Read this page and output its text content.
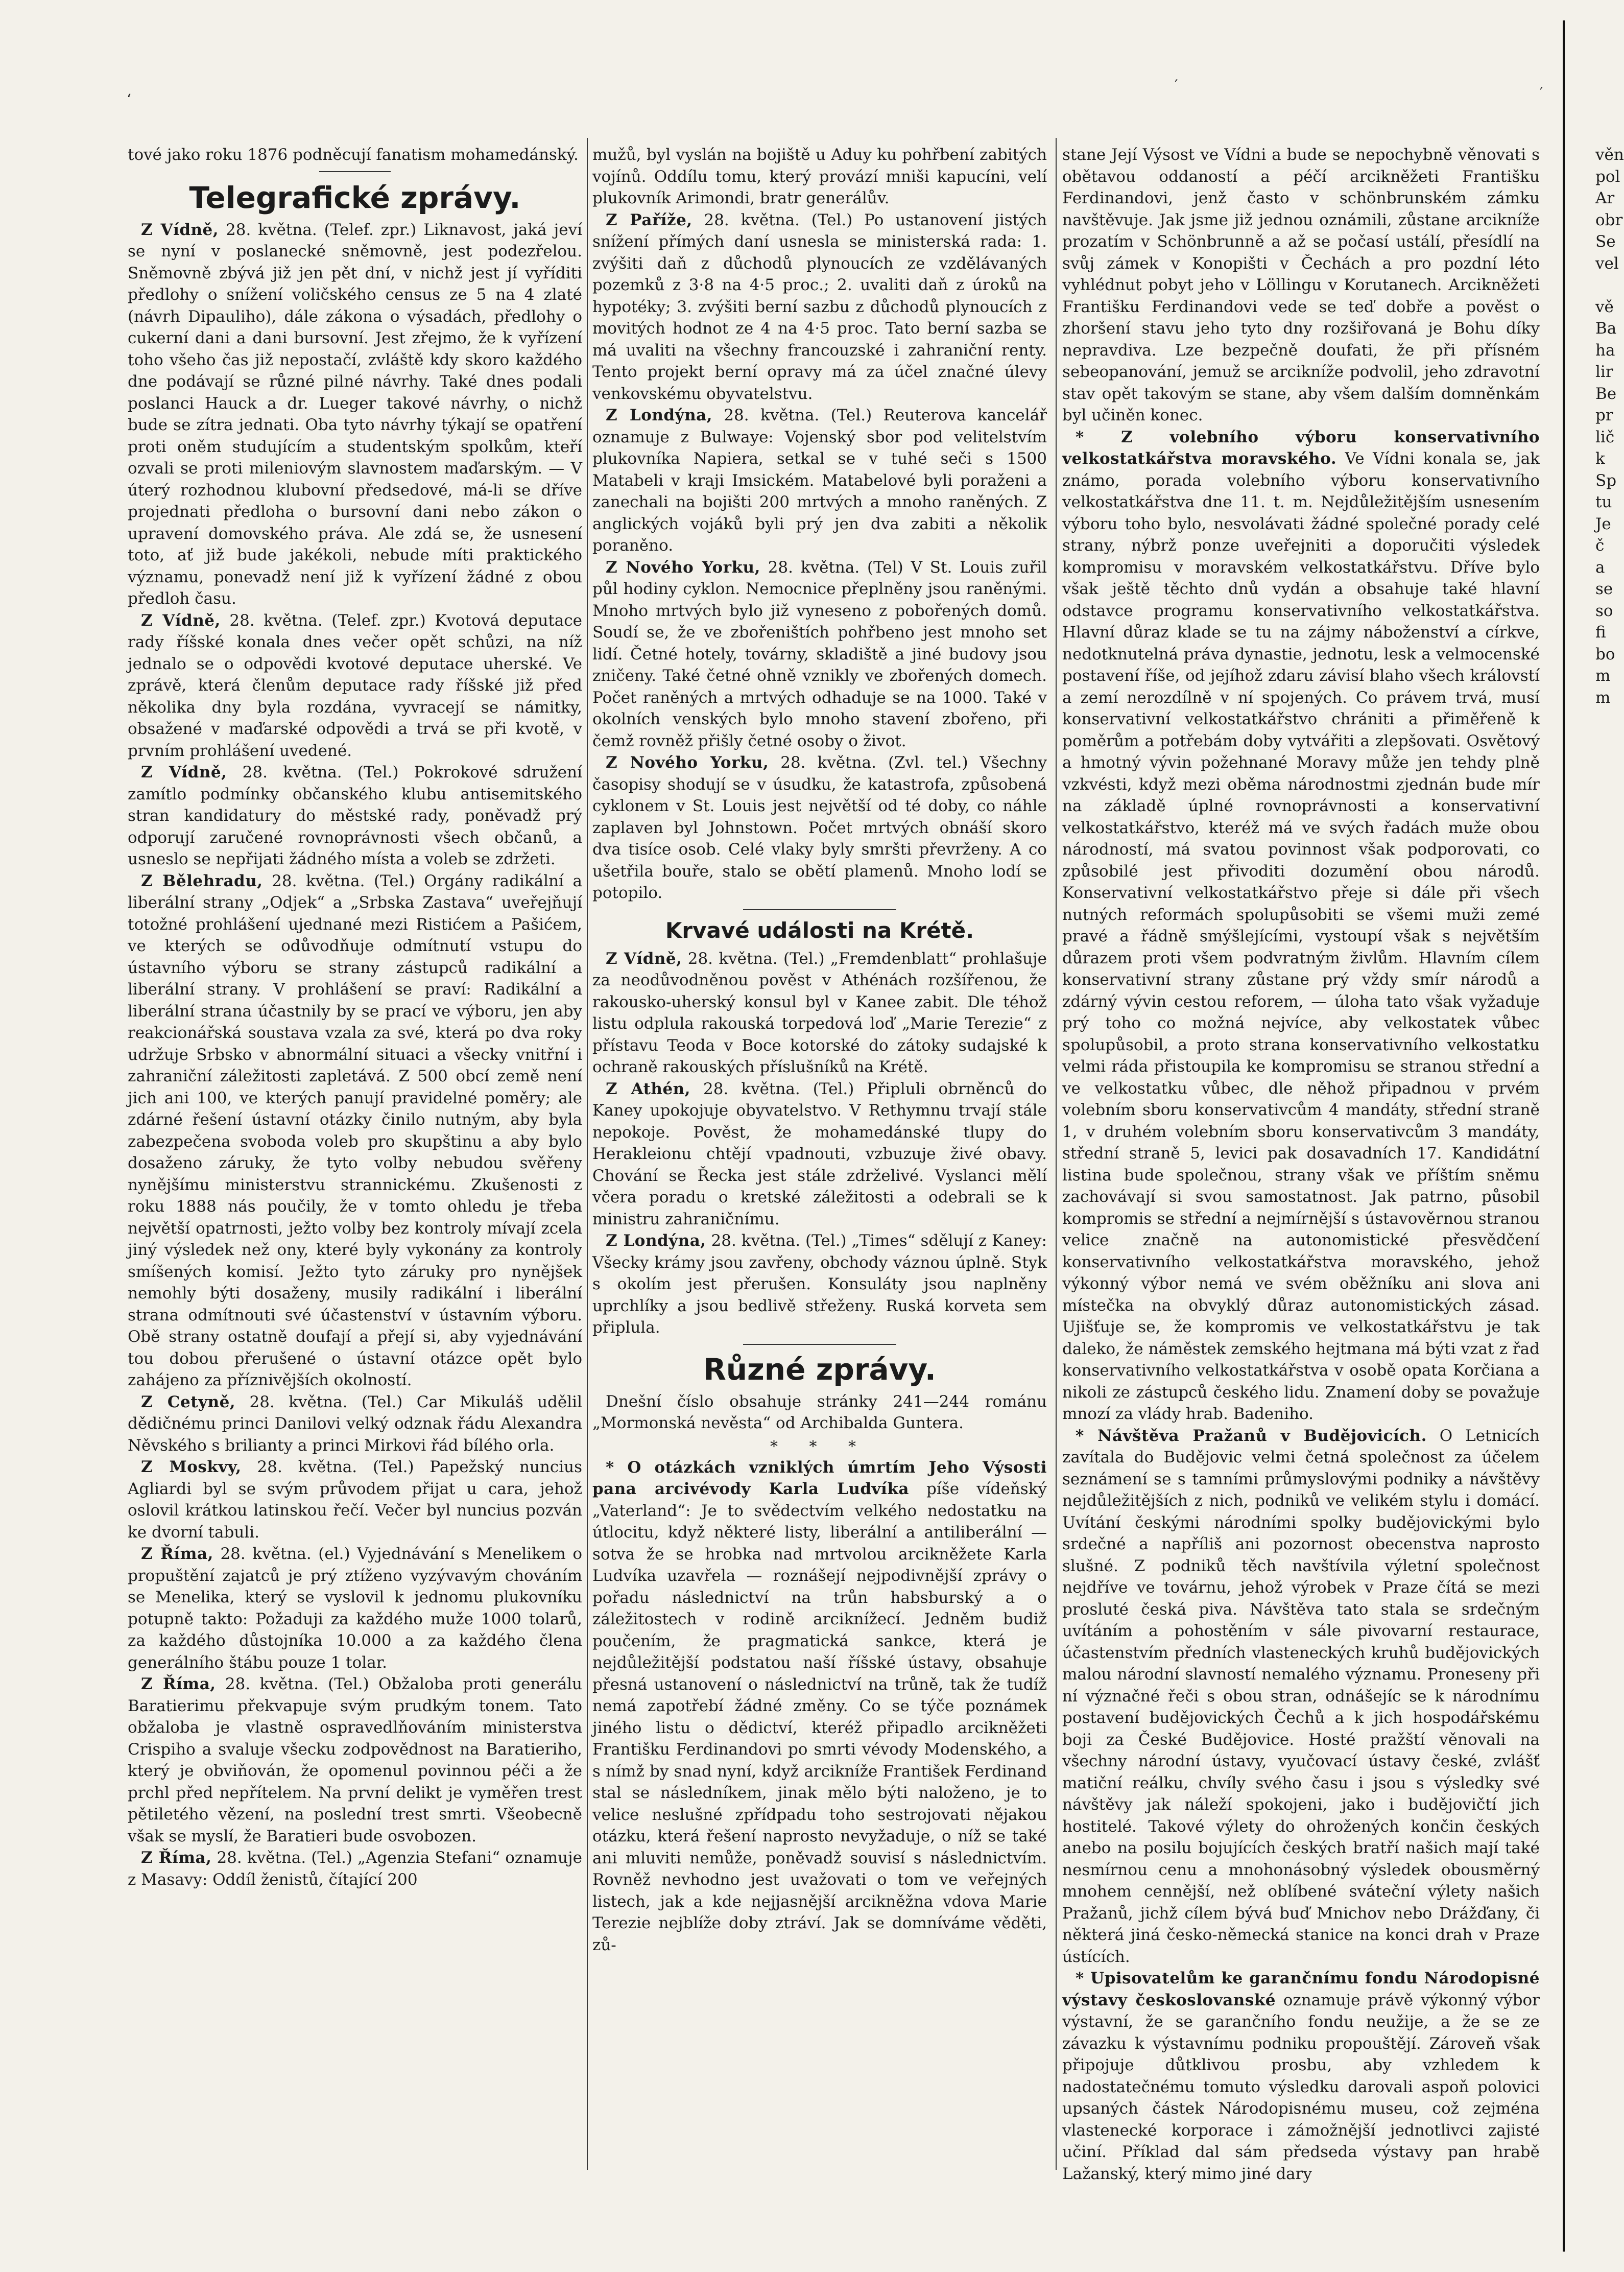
‘
′	′

tové jako roku 1876 podněcují fanatism mohamedánský.

Telegrafické zprávy.

Z Vídně, 28. května. (Telef. zpr.) Liknavost, jaká jeví se nyní v poslanecké sněmovně, jest podezřelou. Sněmovně zbývá již jen pět dní, v nichž jest jí vyříditi předlohy o snížení voličského census ze 5 na 4 zlaté (návrh Dipauliho), dále zákona o výsadách, předlohy o cukerní dani a dani bursovní. Jest zřejmo, že k vyřízení toho všeho čas již nepostačí, zvláště kdy skoro každého dne podávají se různé pilné návrhy. Také dnes podali poslanci Hauck a dr. Lueger takové návrhy, o nichž bude se zítra jednati. Oba tyto návrhy týkají se opatření proti oněm studujícím a studentským spolkům, kteří ozvali se proti mileniovým slavnostem maďarským. — V úterý rozhodnou klubovní předsedové, má-li se dříve projednati předloha o bursovní dani nebo zákon o upravení domovského práva. Ale zdá se, že usnesení toto, ať již bude jakékoli, nebude míti praktického významu, ponevadž není již k vyřízení žádné z obou předloh času.

Z Vídně, 28. května. (Telef. zpr.) Kvotová deputace rady říšské konala dnes večer opět schůzi, na níž jednalo se o odpovědi kvotové deputace uherské. Ve zprávě, která členům deputace rady říšské již před několika dny byla rozdána, vyvracejí se námitky, obsažené v maďarské odpovědi a trvá se při kvotě, v prvním prohlášení uvedené.

Z Vídně, 28. května. (Tel.) Pokrokové sdružení zamítlo podmínky občanského klubu antisemitského stran kandidatury do městské rady, poněvadž prý odporují zaručené rovnoprávnosti všech občanů, a usneslo se nepřijati žádného místa a voleb se zdržeti.

Z Bělehradu, 28. května. (Tel.) Orgány radikální a liberální strany „Odjek“ a „Srbska Zastava“ uveřejňují totožné prohlášení ujednané mezi Ristićem a Pašićem, ve kterých se odůvodňuje odmítnutí vstupu do ústavního výboru se strany zástupců radikální a liberální strany. V prohlášení se praví: Radikální a liberální strana účastnily by se prací ve výboru, jen aby reakcionářská soustava vzala za své, která po dva roky udržuje Srbsko v abnormální situaci a všecky vnitřní i zahraniční záležitosti zapletává. Z 500 obcí země není jich ani 100, ve kterých panují pravidelné poměry; ale zdárné řešení ústavní otázky činilo nutným, aby byla zabezpečena svoboda voleb pro skupštinu a aby bylo dosaženo záruky, že tyto volby nebudou svěřeny nynějšímu ministerstvu strannickému. Zkušenosti z roku 1888 nás poučily, že v tomto ohledu je třeba největší opatrnosti, ježto volby bez kontroly mívají zcela jiný výsledek než ony, které byly vykonány za kontroly smíšených komisí. Ježto tyto záruky pro nynějšek nemohly býti dosaženy, musily radikální i liberální strana odmítnouti své účastenství v ústavním výboru. Obě strany ostatně doufají a přejí si, aby vyjednávání tou dobou přerušené o ústavní otázce opět bylo zahájeno za příznivějších okolností.

Z Cetyně, 28. května. (Tel.) Car Mikuláš udělil dědičnému princi Danilovi velký odznak řádu Alexandra Něvského s brilianty a princi Mirkovi řád bílého orla.

Z Moskvy, 28. května. (Tel.) Papežský nuncius Agliardi byl se svým průvodem přijat u cara, jehož oslovil krátkou latinskou řečí. Večer byl nuncius pozván ke dvorní tabuli.

Z Říma, 28. května. (el.) Vyjednávání s Menelikem o propuštění zajatců je prý ztíženo vyzývavým chováním se Menelika, který se vyslovil k jednomu plukovníku potupně takto: Požaduji za každého muže 1000 tolarů, za každého důstojníka 10.000 a za každého člena generálního štábu pouze 1 tolar.

Z Říma, 28. května. (Tel.) Obžaloba proti generálu Baratierimu překvapuje svým prudkým tonem. Tato obžaloba je vlastně ospravedlňováním ministerstva Crispiho a svaluje všecku zodpovědnost na Baratieriho, který je obviňován, že opomenul povinnou péči a že prchl před nepřítelem. Na první delikt je vyměřen trest pětiletého vězení, na poslední trest smrti. Všeobecně však se myslí, že Baratieri bude osvobozen.

Z Říma, 28. května. (Tel.) „Agenzia Stefani“ oznamuje z Masavy: Oddíl ženistů, čítající 200

mužů, byl vyslán na bojiště u Aduy ku pohřbení zabitých vojínů. Oddílu tomu, který provází mniši kapucíni, velí plukovník Arimondi, bratr generálův.

Z Paříže, 28. května. (Tel.) Po ustanovení jistých snížení přímých daní usnesla se ministerská rada: 1. zvýšiti daň z důchodů plynoucích ze vzdělávaných pozemků z 3·8 na 4·5 proc.; 2. uvaliti daň z úroků na hypotéky; 3. zvýšiti berní sazbu z důchodů plynoucích z movitých hodnot ze 4 na 4·5 proc. Tato berní sazba se má uvaliti na všechny francouzské i zahraniční renty. Tento projekt berní opravy má za účel značné úlevy venkovskému obyvatelstvu.

Z Londýna, 28. května. (Tel.) Reuterova kancelář oznamuje z Bulwaye: Vojenský sbor pod velitelstvím plukovníka Napiera, setkal se v tuhé seči s 1500 Matabeli v kraji Imsickém. Matabelové byli poraženi a zanechali na bojišti 200 mrtvých a mnoho raněných. Z anglických vojáků byli prý jen dva zabiti a několik poraněno.

Z Nového Yorku, 28. května. (Tel) V St. Louis zuřil půl hodiny cyklon. Nemocnice přeplněny jsou raněnými. Mnoho mrtvých bylo již vyneseno z pobořených domů. Soudí se, že ve zbořeništích pohřbeno jest mnoho set lidí. Četné hotely, továrny, skladiště a jiné budovy jsou zničeny. Také četné ohně vznikly ve zbořených domech. Počet raněných a mrtvých odhaduje se na 1000. Také v okolních venských bylo mnoho stavení zbořeno, při čemž rovněž přišly četné osoby o život.

Z Nového Yorku, 28. května. (Zvl. tel.) Všechny časopisy shodují se v úsudku, že katastrofa, způsobená cyklonem v St. Louis jest největší od té doby, co náhle zaplaven byl Johnstown. Počet mrtvých obnáší skoro dva tisíce osob. Celé vlaky byly smršti převrženy. A co ušetřila bouře, stalo se obětí plamenů. Mnoho lodí se potopilo.

Krvavé události na Krétě.

Z Vídně, 28. května. (Tel.) „Fremdenblatt“ prohlašuje za neodůvodněnou pověst v Athénách rozšířenou, že rakousko-uherský konsul byl v Kanee zabit. Dle téhož listu odplula rakouská torpedová loď „Marie Terezie“ z přístavu Teoda v Boce kotorské do zátoky sudajské k ochraně rakouských příslušníků na Krétě.

Z Athén, 28. května. (Tel.) Připluli obrněnců do Kaney upokojuje obyvatelstvo. V Rethymnu trvají stále nepokoje. Pověst, že mohamedánské tlupy do Herakleionu chtějí vpadnouti, vzbuzuje živé obavy. Chování se Řecka jest stále zdrželivé. Vyslanci mělí včera poradu o kretské záležitosti a odebrali se k ministru zahraničnímu.

Z Londýna, 28. května. (Tel.) „Times“ sdělují z Kaney: Všecky krámy jsou zavřeny, obchody váznou úplně. Styk s okolím jest přerušen. Konsuláty jsou naplněny uprchlíky a jsou bedlivě střeženy. Ruská korveta sem připlula.

Různé zprávy.

Dnešní číslo obsahuje stránky 241—244 románu „Mormonská nevěsta“ od Archibalda Guntera.

* * *

* O otázkách vzniklých úmrtím Jeho Výsosti pana arcivévody Karla Ludvíka píše vídeňský „Vaterland“: Je to svědectvím velkého nedostatku na útlocitu, když některé listy, liberální a antiliberální — sotva že se hrobka nad mrtvolou arcikněžete Karla Ludvíka uzavřela — roznášejí nejpodivnější zprávy o pořadu následnictví na trůn habsburský a o záležitostech v rodině arciknížecí. Jedněm budiž poučením, že pragmatická sankce, která je nejdůležitější podstatou naší říšské ústavy, obsahuje přesná ustanovení o následnictví na trůně, tak že tudíž nemá zapotřebí žádné změny. Co se týče poznámek jiného listu o dědictví, kteréž připadlo arcikněžeti Františku Ferdinandovi po smrti vévody Modenského, a s nímž by snad nyní, když arcikníže František Ferdinand stal se následníkem, jinak mělo býti naloženo, je to velice neslušné zpřídpadu toho sestrojovati nějakou otázku, která řešení naprosto nevyžaduje, o níž se také ani mluviti nemůže, poněvadž souvisí s následnictvím. Rovněž nevhodno jest uvažovati o tom ve veřejných listech, jak a kde nejjasnější arcikněžna vdova Marie Terezie nejblíže doby ztráví. Jak se domníváme věděti, zů-

stane Její Výsost ve Vídni a bude se nepochybně věnovati s obětavou oddaností a péčí arcikněžeti Františku Ferdinandovi, jenž často v schönbrunském zámku navštěvuje. Jak jsme již jednou oznámili, zůstane arcikníže prozatím v Schönbrunně a až se počasí ustálí, přesídlí na svůj zámek v Konopišti v Čechách a pro pozdní léto vyhlédnut pobyt jeho v Löllingu v Korutanech. Arcikněžeti Františku Ferdinandovi vede se teď dobře a pověst o zhoršení stavu jeho tyto dny rozšiřovaná je Bohu díky nepravdiva. Lze bezpečně doufati, že při přísném sebeopanování, jemuž se arcikníže podvolil, jeho zdravotní stav opět takovým se stane, aby všem dalším domněnkám byl učiněn konec.

* Z volebního výboru konservativního velkostatkářstva moravského. Ve Vídni konala se, jak známo, porada volebního výboru konservativního velkostatkářstva dne 11. t. m. Nejdůležitějším usnesením výboru toho bylo, nesvolávati žádné společné porady celé strany, nýbrž ponze uveřejniti a doporučiti výsledek kompromisu v moravském velkostatkářstvu. Dříve bylo však ještě těchto dnů vydán a obsahuje také hlavní odstavce programu konservativního velkostatkářstva. Hlavní důraz klade se tu na zájmy náboženství a církve, nedotknutelná práva dynastie, jednotu, lesk a velmocenské postavení říše, od jejíhož zdaru závisí blaho všech královstí a zemí nerozdílně v ní spojených. Co právem trvá, musí konservativní velkostatkářstvo chrániti a přiměřeně k poměrům a potřebám doby vytvářiti a zlepšovati. Osvětový a hmotný vývin požehnané Moravy může jen tehdy plně vzkvésti, když mezi oběma národnostmi zjednán bude mír na základě úplné rovnoprávnosti a konservativní velkostatkářstvo, kteréž má ve svých řadách muže obou národností, má svatou povinnost však podporovati, co způsobilé jest přivoditi dozumění obou národů. Konservativní velkostatkářstvo přeje si dále při všech nutných reformách spolupůsobiti se všemi muži zemé pravé a řádně smýšlejícími, vystoupí však s největším důrazem proti všem podvratným živlům. Hlavním cílem konservativní strany zůstane prý vždy smír národů a zdárný vývin cestou reforem, — úloha tato však vyžaduje prý toho co možná nejvíce, aby velkostatek vůbec spolupůsobil, a proto strana konservativního velkostatku velmi ráda přistoupila ke kompromisu se stranou střední a ve velkostatku vůbec, dle něhož připadnou v prvém volebním sboru konservativcům 4 mandáty, střední straně 1, v druhém volebním sboru konservativcům 3 mandáty, střední straně 5, levici pak dosavadních 17. Kandidátní listina bude společnou, strany však ve příštím sněmu zachovávají si svou samostatnost. Jak patrno, působil kompromis se střední a nejmírnější s ústavověrnou stranou velice značně na autonomistické přesvědčení konservativního velkostatkářstva moravského, jehož výkonný výbor nemá ve svém oběžníku ani slova ani místečka na obvyklý důraz autonomistických zásad. Ujišťuje se, že kompromis ve velkostatkářstvu je tak daleko, že náměstek zemského hejtmana má býti vzat z řad konservativního velkostatkářstva v osobě opata Korčiana a nikoli ze zástupců českého lidu. Znamení doby se považuje mnozí za vlády hrab. Badeniho.

* Návštěva Pražanů v Budějovicích. O Letnicích zavítala do Budějovic velmi četná společnost za účelem seznámení se s tamními průmyslovými podniky a návštěvy nejdůležitějších z nich, podniků ve velikém stylu i domácí. Uvítání českými národními spolky budějovickými bylo srdečné a napříliš ani pozornost obecenstva naprosto slušné. Z podniků těch navštívila výletní společnost nejdříve ve továrnu, jehož výrobek v Praze čítá se mezi prosluté česká piva. Návštěva tato stala se srdečným uvítáním a pohostěním v sále pivovarní restaurace, účastenstvím předních vlasteneckých kruhů budějovických malou národní slavností nemalého významu. Proneseny při ní význačné řeči s obou stran, odnášejíc se k národnímu postavení budějovických Čechů a k jich hospodářskému boji za České Budějovice. Hosté pražští věnovali na všechny národní ústavy, vyučovací ústavy české, zvlášť matiční reálku, chvíly svého času i jsou s výsledky své návštěvy jak náleží spokojeni, jako i budějovičtí jich hostitelé. Takové výlety do ohrožených končin českých anebo na posilu bojujících českých bratří našich mají také nesmírnou cenu a mnohonásobný výsledek obousměrný mnohem cennější, než oblíbené sváteční výlety našich Pražanů, jichž cílem bývá buď Mnichov nebo Drážďany, či některá jiná česko-německá stanice na konci drah v Praze ústících.

* Upisovatelům ke garančnímu fondu Národopisné výstavy českoslovanské oznamuje právě výkonný výbor výstavní, že se garančního fondu neužije, a že se ze závazku k výstavnímu podniku propouštějí. Zároveň však připojuje důtklivou prosbu, aby vzhledem k nadostatečnému tomuto výsledku darovali aspoň polovici upsaných částek Národopisnému museu, což zejména vlastenecké korporace i zámožnější jednotlivci zajisté učiní. Příklad dal sám předseda výstavy pan hrabě Lažanský, který mimo jiné dary

věn

pol

Ar

obr

Se

vel

vě

Ba

ha

lir

Be

pr

lič

k

Sp

tu

Je

č

a

se

so

fi

bo

m

m
